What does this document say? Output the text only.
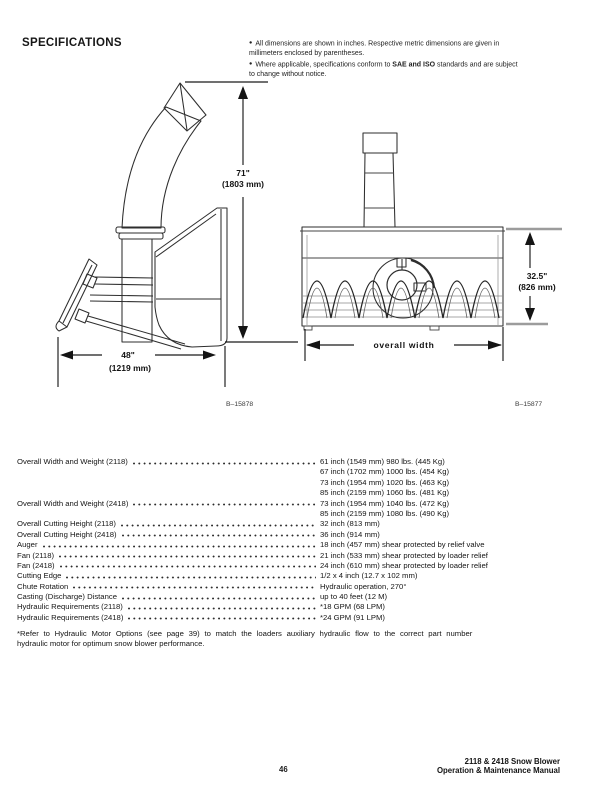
SPECIFICATIONS ●	All dimensions are shown in inches. Respective metric dimensions are given in
millimeters enclosed by parentheses.
● Where applicable, specifications conform to SAE and ISO standards and are subject
to change without notice.
71"
(1803 mm)
48"
(1219 mm)
32.5"
(826 mm)
overall width
B–15878	B–15877
Overall Width and Weight (2118)	61 inch (1549 mm) 980 lbs. (445 Kg)
67 inch (1702 mm) 1000 lbs. (454 Kg)
73 inch (1954 mm) 1020 lbs. (463 Kg)
85 inch (2159 mm) 1060 lbs. (481 Kg)
Overall Width and Weight (2418)	73 inch (1954 mm) 1040 lbs. (472 Kg)
85 inch (2159 mm) 1080 lbs. (490 Kg)
Overall Cutting Height (2118)	32 inch (813 mm)
Overall Cutting Height (2418)	36 inch (914 mm)
Auger	18 inch (457 mm) shear protected by relief valve
Fan (2118)	21 inch (533 mm) shear protected by loader relief
Fan (2418)	24 inch (610 mm) shear protected by loader relief
Cutting Edge	1/2 x 4 inch (12.7 x 102 mm)
Chute Rotation	Hydraulic operation, 270°
Casting (Discharge) Distance	up to 40 feet (12 M)
Hydraulic Requirements (2118)	*18 GPM (68 LPM)
Hydraulic Requirements (2418)	*24 GPM (91 LPM)
*Refer to Hydraulic Motor Options (see page 39) to match the loaders auxiliary hydraulic flow to the correct part number
hydraulic motor for optimum snow blower performance.
46
2118 & 2418 Snow Blower
Operation & Maintenance Manual
